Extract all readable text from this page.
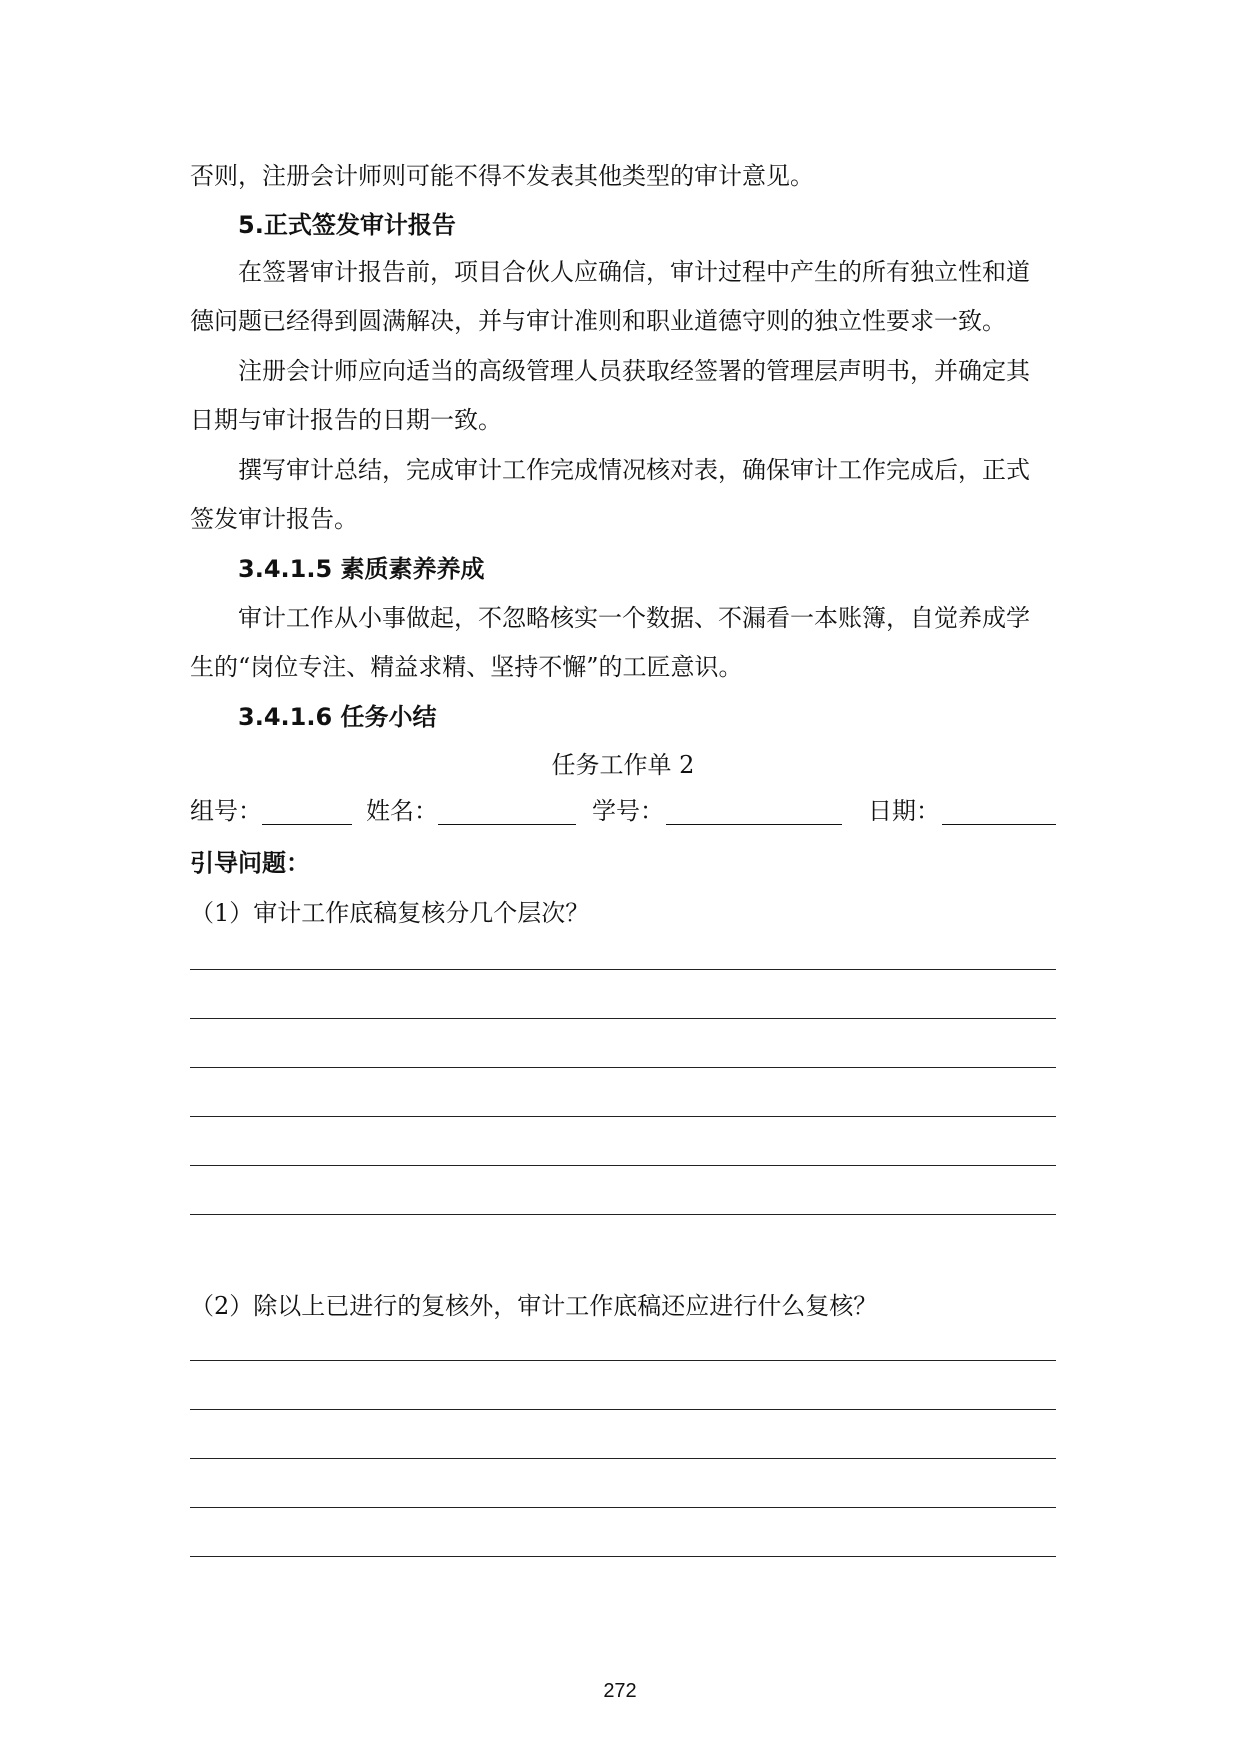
否则，注册会计师则可能不得不发表其他类型的审计意见。
5.正式签发审计报告
在签署审计报告前，项目合伙人应确信，审计过程中产生的所有独立性和道
德问题已经得到圆满解决，并与审计准则和职业道德守则的独立性要求一致。
注册会计师应向适当的高级管理人员获取经签署的管理层声明书，并确定其
日期与审计报告的日期一致。
撰写审计总结，完成审计工作完成情况核对表，确保审计工作完成后，正式
签发审计报告。
3.4.1.5 素质素养养成
审计工作从小事做起，不忽略核实一个数据、不漏看一本账簿，自觉养成学
生的“岗位专注、精益求精、坚持不懈”的工匠意识。
3.4.1.6 任务小结
任务工作单 2
组号：	姓名：	学号：	日期：
引导问题：
（1）审计工作底稿复核分几个层次？
（2）除以上已进行的复核外，审计工作底稿还应进行什么复核？
272
